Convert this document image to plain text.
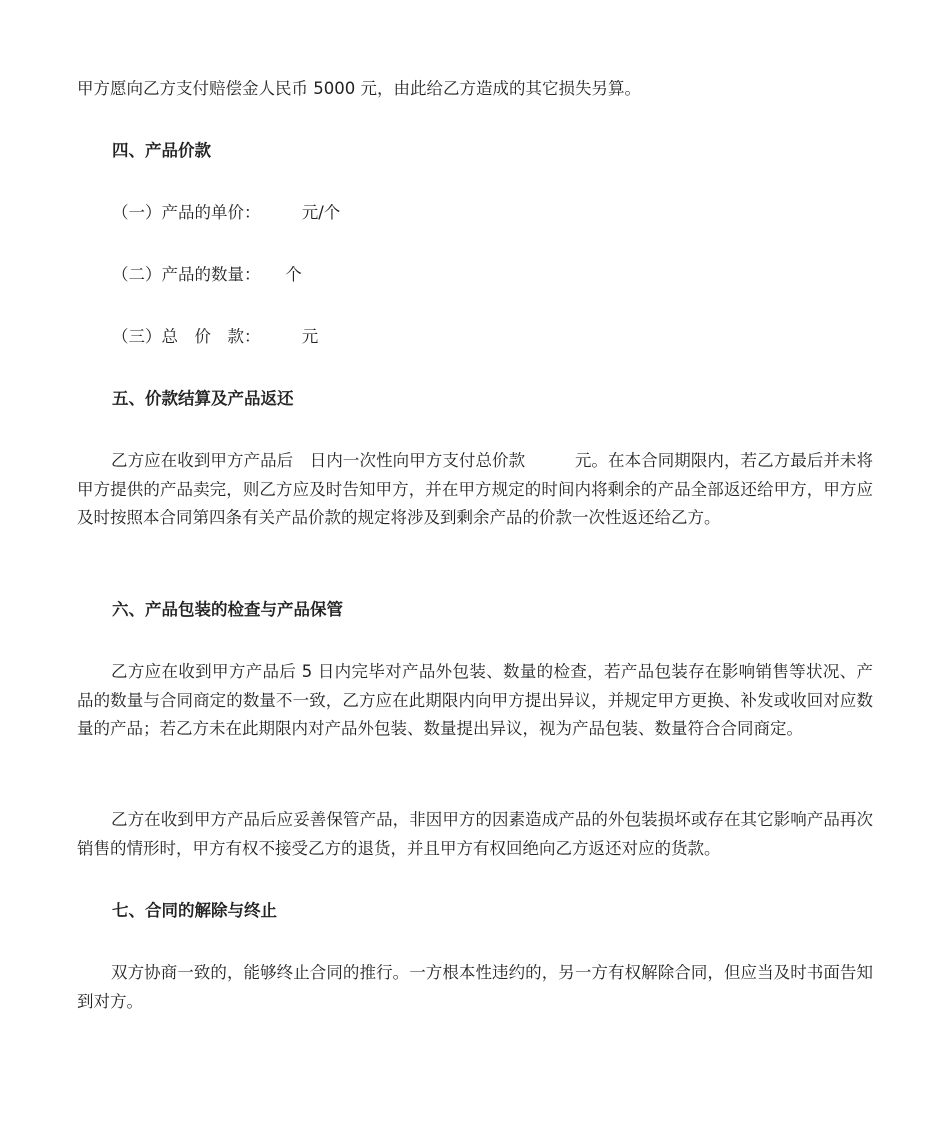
甲方愿向乙方支付赔偿金人民币 5000 元，由此给乙方造成的其它损失另算。
四、产品价款
（一）产品的单价：　　　元/个
（二）产品的数量：　　个
（三）总　价　款：　　　元
五、价款结算及产品返还
乙方应在收到甲方产品后　日内一次性向甲方支付总价款　　　元。在本合同期限内，若乙方最后并未将甲方提供的产品卖完，则乙方应及时告知甲方，并在甲方规定的时间内将剩余的产品全部返还给甲方，甲方应及时按照本合同第四条有关产品价款的规定将涉及到剩余产品的价款一次性返还给乙方。
六、产品包装的检查与产品保管
乙方应在收到甲方产品后 5 日内完毕对产品外包装、数量的检查，若产品包装存在影响销售等状况、产品的数量与合同商定的数量不一致，乙方应在此期限内向甲方提出异议，并规定甲方更换、补发或收回对应数量的产品；若乙方未在此期限内对产品外包装、数量提出异议，视为产品包装、数量符合合同商定。
乙方在收到甲方产品后应妥善保管产品，非因甲方的因素造成产品的外包装损坏或存在其它影响产品再次销售的情形时，甲方有权不接受乙方的退货，并且甲方有权回绝向乙方返还对应的货款。
七、合同的解除与终止
双方协商一致的，能够终止合同的推行。一方根本性违约的，另一方有权解除合同，但应当及时书面告知到对方。
